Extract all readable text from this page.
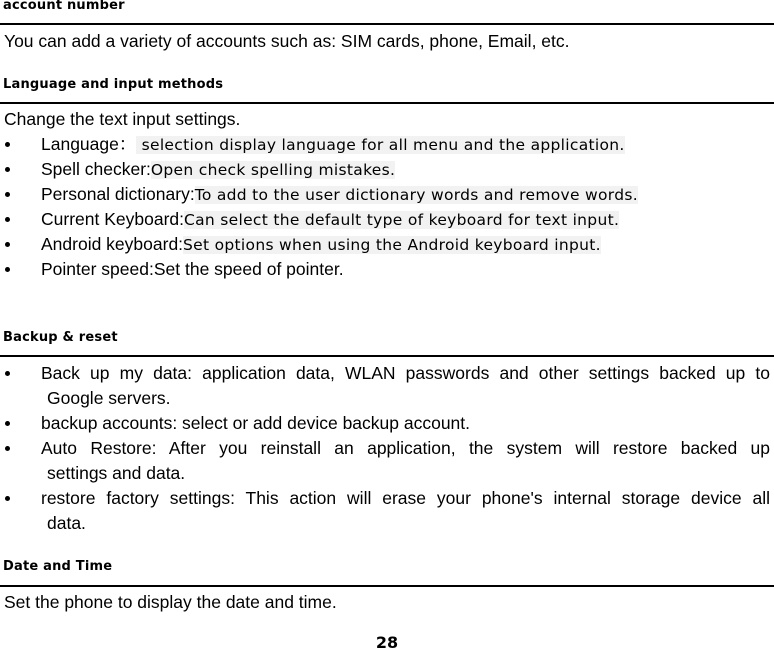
account number
You can add a variety of accounts such as: SIM cards, phone, Email, etc.
Language and input methods
Change the text input settings.
Language： selection display language for all menu and the application.
Spell checker:Open check spelling mistakes.
Personal dictionary:To add to the user dictionary words and remove words.
Current Keyboard:Can select the default type of keyboard for text input.
Android keyboard:Set options when using the Android keyboard input.
Pointer speed:Set the speed of pointer.
Backup & reset
Back up my data: application data, WLAN passwords and other settings backed up to
Google servers.
backup accounts: select or add device backup account.
Auto Restore: After you reinstall an application, the system will restore backed up
settings and data.
restore factory settings: This action will erase your phone's internal storage device all
data.
Date and Time
Set the phone to display the date and time.
28
